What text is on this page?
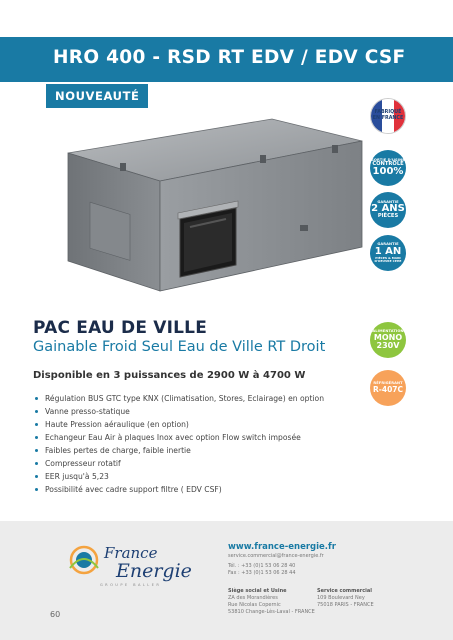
HRO 400 - RSD RT EDV / EDV CSF
NOUVEAUTÉ
FABRIQUÉ
EN FRANCE
SORTIE D'USINE
CONTRÔLE
100%
GARANTIE
2 ANS
PIÈCES
GARANTIE
1 AN
PIÈCES & MAIN
D'OEUVRE CEHE
ALIMENTATION
MONO
230V
RÉFRIGÉRANT
R-407C
PAC EAU DE VILLE
Gainable Froid Seul Eau de Ville RT Droit
Disponible en 3 puissances de 2900 W à 4700 W
Régulation BUS GTC type KNX (Climatisation, Stores, Eclairage) en option
Vanne presso-statique
Haute Pression aéraulique (en option)
Echangeur Eau Air à plaques Inox avec option Flow switch imposée
Faibles pertes de charge, faible inertie
Compresseur rotatif
EER jusqu'à 5,23
Possibilité avec cadre support filtre ( EDV CSF)
France
Energie
GROUPE BALLER
60
www.france-energie.fr
service.commercial@france-energie.fr
Tél. : +33 (0)1 53 06 28 40
Fax : +33 (0)1 53 06 28 44
Siège social et Usine
ZA des Morandières
Rue Nicolas Copernic
53810 Change-Lès-Laval - FRANCE
Service commercial
109 Boulevard Ney
75018 PARIS - FRANCE
